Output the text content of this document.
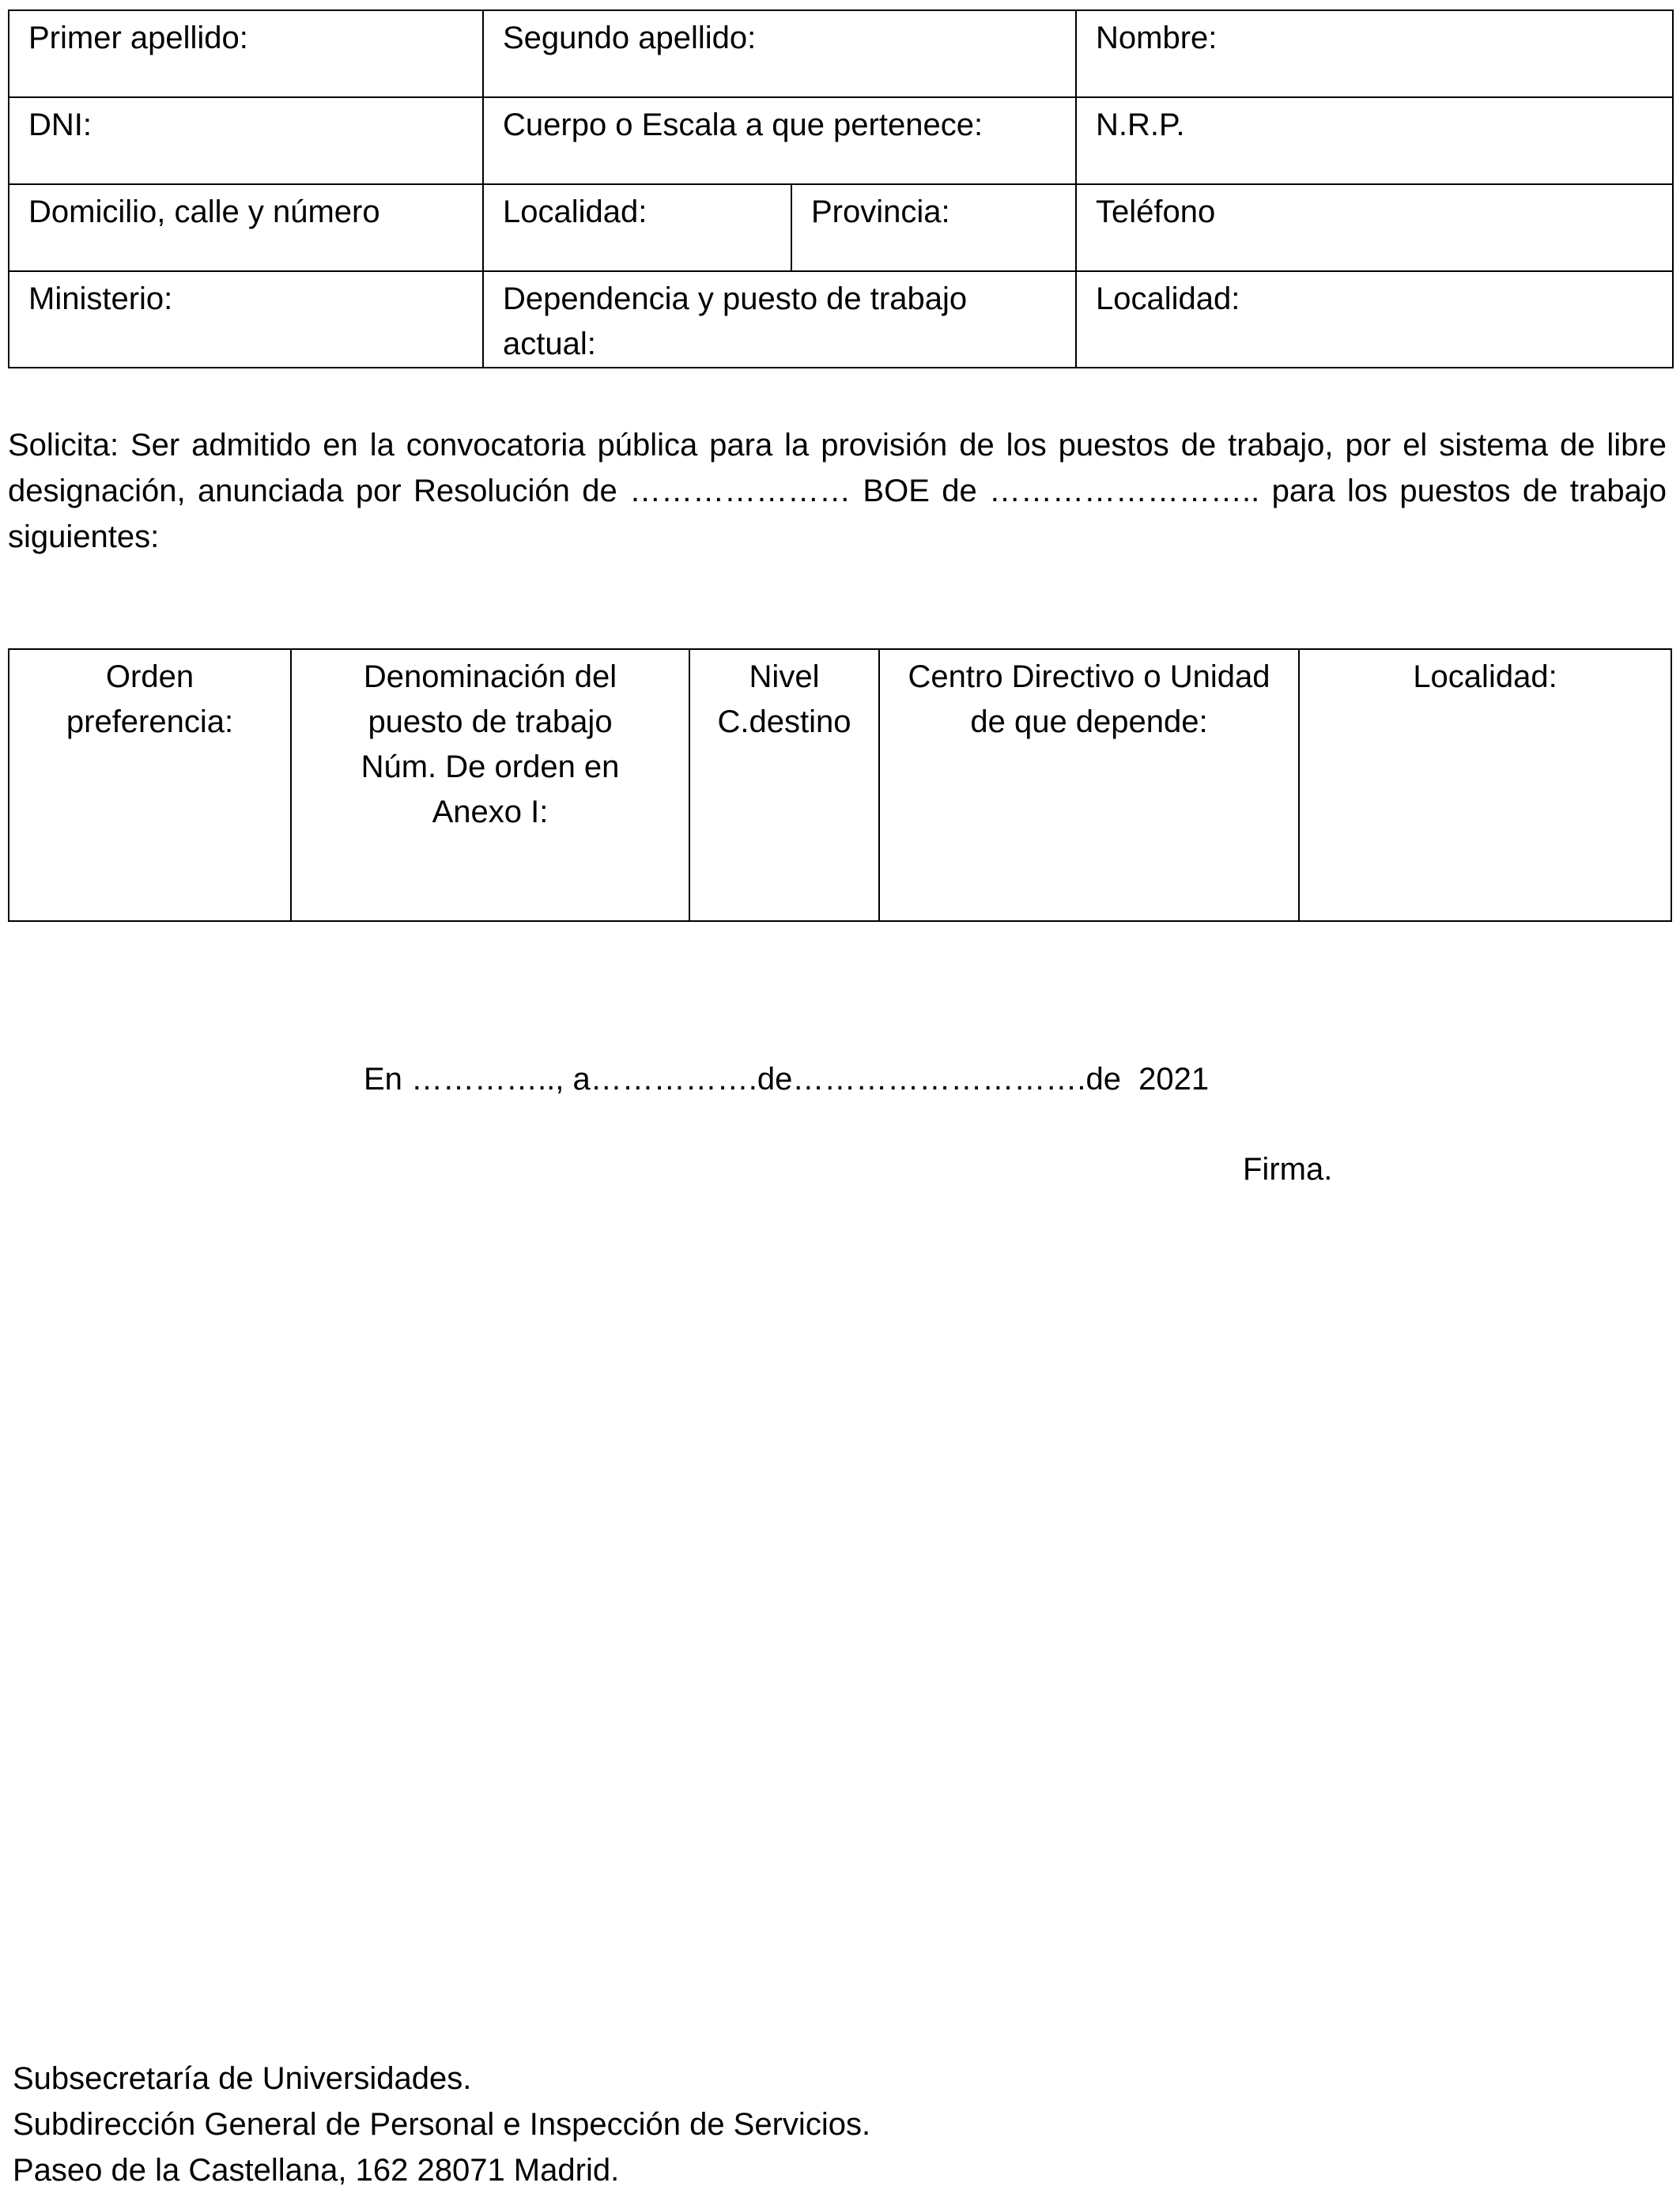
Primer apellido:	Segundo apellido:		Nombre:
DNI:	Cuerpo o Escala a que pertenece:		N.R.P.
Domicilio, calle y número	Localidad:	Provincia:	Teléfono
Ministerio:	Dependencia y puesto de trabajo actual:		Localidad:
Solicita: Ser admitido en la convocatoria pública para la provisión de los puestos de trabajo, por el sistema de libre designación, anunciada por Resolución de ………………… BOE de …………………….. para los puestos de trabajo siguientes:
Orden preferencia:	Denominación del puesto de trabajo Núm. De orden en Anexo I:	Nivel C.destino	Centro Directivo o Unidad de que depende:	Localidad:
En ………….., a…………….de……………………….de  2021
Firma.
Subsecretaría de Universidades.
Subdirección General de Personal e Inspección de Servicios.
Paseo de la Castellana, 162 28071 Madrid.
